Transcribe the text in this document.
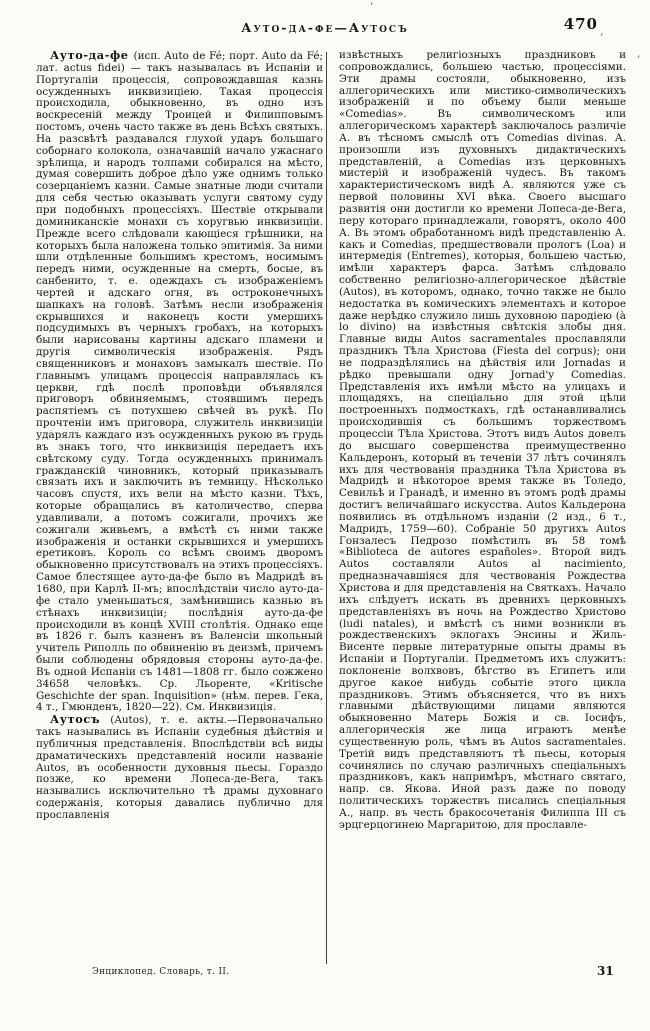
Ауто-да-фе—Аутосъ	470
’
’
’

Ауто-да-фе (исп. Auto de Fé; порт. Auto da Fé; лат. actus fidei) — такъ называлась въ Испаніи и Португаліи процессія, сопровождавшая казнь осужденныхъ инквизиціею. Такая процессія происходила, обыкновенно, въ одно изъ воскресеній между Троицей и Филипповымъ постомъ, очень часто также въ день Всѣхъ святыхъ. На разсвѣтѣ раздавался глухой ударъ большаго соборнаго колокола, означавшій начало ужаснаго зрѣлища, и народъ толпами собирался на мѣсто, думая совершить доброе дѣло уже однимъ только созерцаніемъ казни. Самые знатные люди считали для себя честью оказывать услуги святому суду при подобныхъ процессіяхъ. Шествіе открывали доминиканскіе монахи съ хоругвью инквизиціи. Прежде всего слѣдовали кающіеся грѣшники, на которыхъ была наложена только эпитимія. За ними шли отдѣленные большимъ крестомъ, носимымъ передъ ними, осужденные на смерть, босые, въ санбенито, т. е. одеждахъ съ изображеніемъ чертей и адскаго огня, въ остроконечныхъ шапкахъ на головѣ. Затѣмъ несли изображенія скрывшихся и наконецъ кости умершихъ подсудимыхъ въ черныхъ гробахъ, на которыхъ были нарисованы картины адскаго пламени и другія символическія изображенія. Рядъ священниковъ и монаховъ замыкалъ шествіе. По главнымъ улицамъ процессія направлялась къ церкви, гдѣ послѣ проповѣди объявлялся приговоръ обвиняемымъ, стоявшимъ передъ распятіемъ съ потухшею свѣчей въ рукѣ. По прочтеніи имъ приговора, служитель инквизиціи ударялъ каждаго изъ осужденныхъ рукою въ грудь въ знакъ того, что инквизиція передаетъ ихъ свѣтскому суду. Тогда осужденныхъ принималъ гражданскій чиновникъ, который приказывалъ связать ихъ и заключить въ темницу. Нѣсколько часовъ спустя, ихъ вели на мѣсто казни. Тѣхъ, которые обращались въ католичество, сперва удавливали, а потомъ сожигали, прочихъ же сожигали живьемъ, а вмѣстѣ съ ними также изображенія и останки скрывшихся и умершихъ еретиковъ. Король со всѣмъ своимъ дворомъ обыкновенно присутствовалъ на этихъ процессіяхъ. Самое блестящее ауто-да-фе было въ Мадридѣ въ 1680, при Карлѣ II-мъ; впослѣдствіи число ауто-да-фе стало уменьшаться, замѣнившись казнью въ стѣнахъ инквизиціи; послѣднія ауто-да-фе происходили въ концѣ XVIII столѣтія. Однако еще въ 1826 г. былъ казненъ въ Валенсіи школьный учитель Риполль по обвиненію въ деизмѣ, причемъ были соблюдены обрядовыя стороны ауто-да-фе. Въ одной Испаніи съ 1481—1808 гг. было сожжено 34658 человѣкъ. Ср. Льоренте, «Kritische Geschichte der span. Inquisition» (нѣм. перев. Гека, 4 т., Гмюнденъ, 1820—22). См. Инквизиція.

Аутосъ (Autos), т. е. акты.—Первоначально такъ назывались въ Испаніи судебныя дѣйствія и публичныя представленія. Впослѣдствіи всѣ виды драматическихъ представленій носили названіе Autos, въ особенности духовныя пьесы. Гораздо позже, ко времени Лопеса-де-Вега, такъ назывались исключительно тѣ драмы духовнаго содержанія, которыя давались публично для прославленія

извѣстныхъ религіозныхъ праздниковъ и сопровождались, большею частью, процессіями. Эти драмы состояли, обыкновенно, изъ аллегорическихъ или мистико-символическихъ изображеній и по объему были меньше «Comedias». Въ символическомъ или аллегорическомъ характерѣ заключалось различіе А. въ тѣсномъ смыслѣ отъ Comedias divinas. А. произошли изъ духовныхъ дидактическихъ представленій, а Comedias изъ церковныхъ мистерій и изображеній чудесъ. Въ такомъ характеристическомъ видѣ А. являются уже съ первой половины XVI вѣка. Своего высшаго развитія они достигли ко времени Лопеса-де-Вега, перу котораго принадлежали, говорятъ, около 400 А. Въ этомъ обработанномъ видѣ представленію А. какъ и Comedias, предшествовали прологъ (Loa) и интермедія (Entremes), которыя, большею частью, имѣли характеръ фарса. Затѣмъ слѣдовало собственно религіозно-аллегорическое дѣйствіе (Autos), въ которомъ, однако, точно также не было недостатка въ комическихъ элементахъ и которое даже нерѣдко служило лишь духовною пародіею (à lo divino) на извѣстныя свѣтскія злобы дня. Главные виды Autos sacramentales прославляли праздникъ Тѣла Христова (Fiesta del corpus); они не подраздѣлялись на дѣйствія или Jornadas и рѣдко превышали одну Jornad'y Comedias. Представленія ихъ имѣли мѣсто на улицахъ и площадяхъ, на спеціально для этой цѣли построенныхъ подмосткахъ, гдѣ останавливались происходившія съ большимъ торжествомъ процессіи Тѣла Христова. Этотъ видъ Autos довелъ до высшаго совершенства преимущественно Кальдеронъ, который въ теченіи 37 лѣтъ сочинялъ ихъ для чествованія праздника Тѣла Христова въ Мадридѣ и нѣкоторое время также въ Толедо, Севильѣ и Гранадѣ, и именно въ этомъ родѣ драмы достигъ величайшаго искусства. Autos Кальдерона появились въ отдѣльномъ изданіи (2 изд., 6 т., Мадридъ, 1759—60). Собраніе 50 другихъ Autos Гонзалесъ Педрозо помѣстилъ въ 58 томѣ «Biblioteca de autores españoles». Второй видъ Autos составляли Autos al nacimiento, предназначавшіяся для чествованія Рождества Христова и для представленія на Святкахъ. Начало ихъ слѣдуетъ искать въ древнихъ церковныхъ представленіяхъ въ ночь на Рождество Христово (ludi natales), и вмѣстѣ съ ними возникли въ рождественскихъ эклогахъ Энсины и Жиль-Висенте первые литературные опыты драмы въ Испаніи и Португаліи. Предметомъ ихъ служитъ: поклоненіе волхвовъ, бѣгство въ Египетъ или другое какое нибудь событіе этого цикла праздниковъ. Этимъ объясняется, что въ нихъ главными дѣйствующими лицами являются обыкновенно Матерь Божія и св. Іосифъ, аллегорическія же лица играютъ менѣе существенную роль, чѣмъ въ Autos sacramentales. Третій видъ представляютъ тѣ пьесы, которыя сочинялись по случаю различныхъ спеціальныхъ праздниковъ, какъ напримѣръ, мѣстнаго святаго, напр. св. Якова. Иной разъ даже по поводу политическихъ торжествъ писались спеціальныя А., напр. въ честь бракосочетанія Филиппа III съ эрцгерцогинею Маргаритою, для прославле-

Энциклопед. Словарь, т. II.	31
